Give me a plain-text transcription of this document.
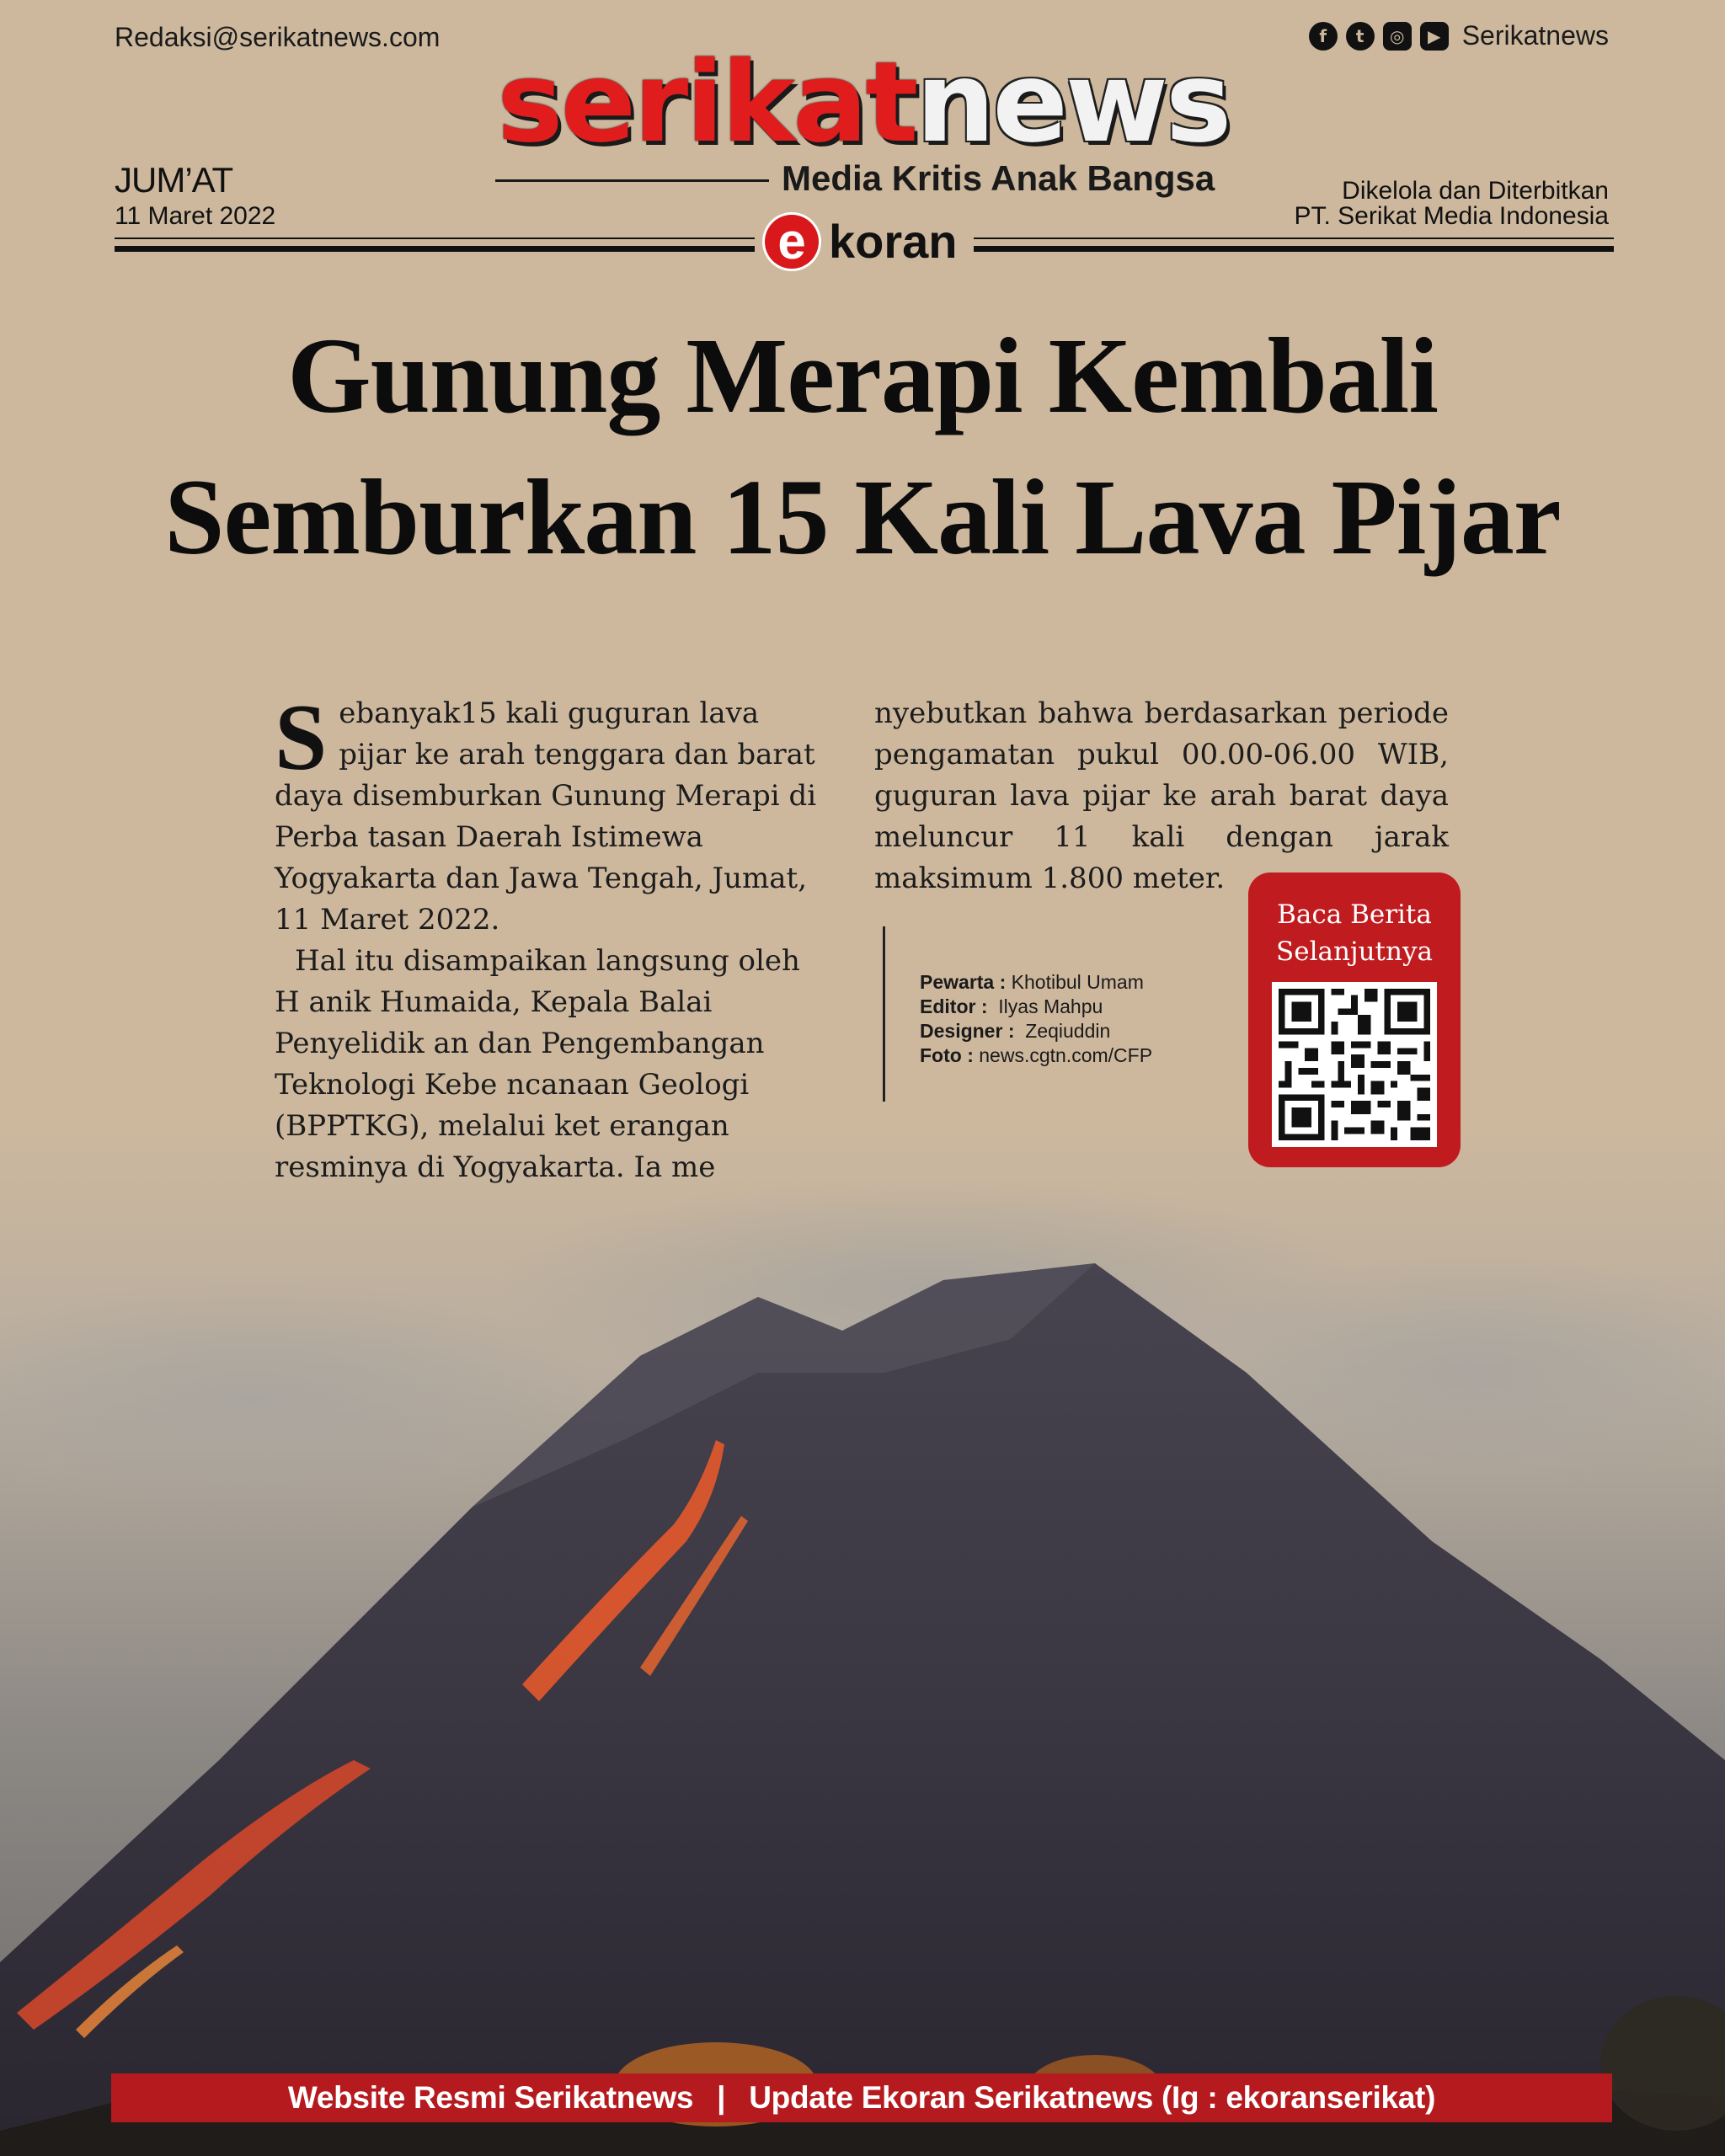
Redaksi@serikatnews.com	f	t	◎	▶ Serikatnews
serikatnews
Media Kritis Anak Bangsa
JUM’AT
11 Maret 2022
Dikelola dan Diterbitkan
PT. Serikat Media Indonesia
e koran
Gunung Merapi Kembali
Semburkan 15 Kali Lava Pijar

Sebanyak15 kali guguran lava pijar ke arah tenggara dan barat daya disemburkan Gunung Merapi di Perba tasan Daerah Istimewa Yogyakarta dan Jawa Tengah, Jumat, 11 Maret 2022.

Hal itu disampaikan langsung oleh H anik Humaida, Kepala Balai Penyelidik an dan Pengembangan Teknologi Kebe ncanaan Geologi (BPPTKG), melalui ket erangan resminya di Yogyakarta. Ia me

nyebutkan bahwa berdasarkan periode pengamatan pukul 00.00-06.00 WIB, guguran lava pijar ke arah barat daya meluncur 11 kali dengan jarak maksimum 1.800 meter.

Pewarta : Khotibul Umam
Editor : Ilyas Mahpu
Designer : Zeqiuddin
Foto : news.cgtn.com/CFP
Baca Berita
Selanjutnya
Website Resmi Serikatnews | Update Ekoran Serikatnews (Ig : ekoranserikat)
